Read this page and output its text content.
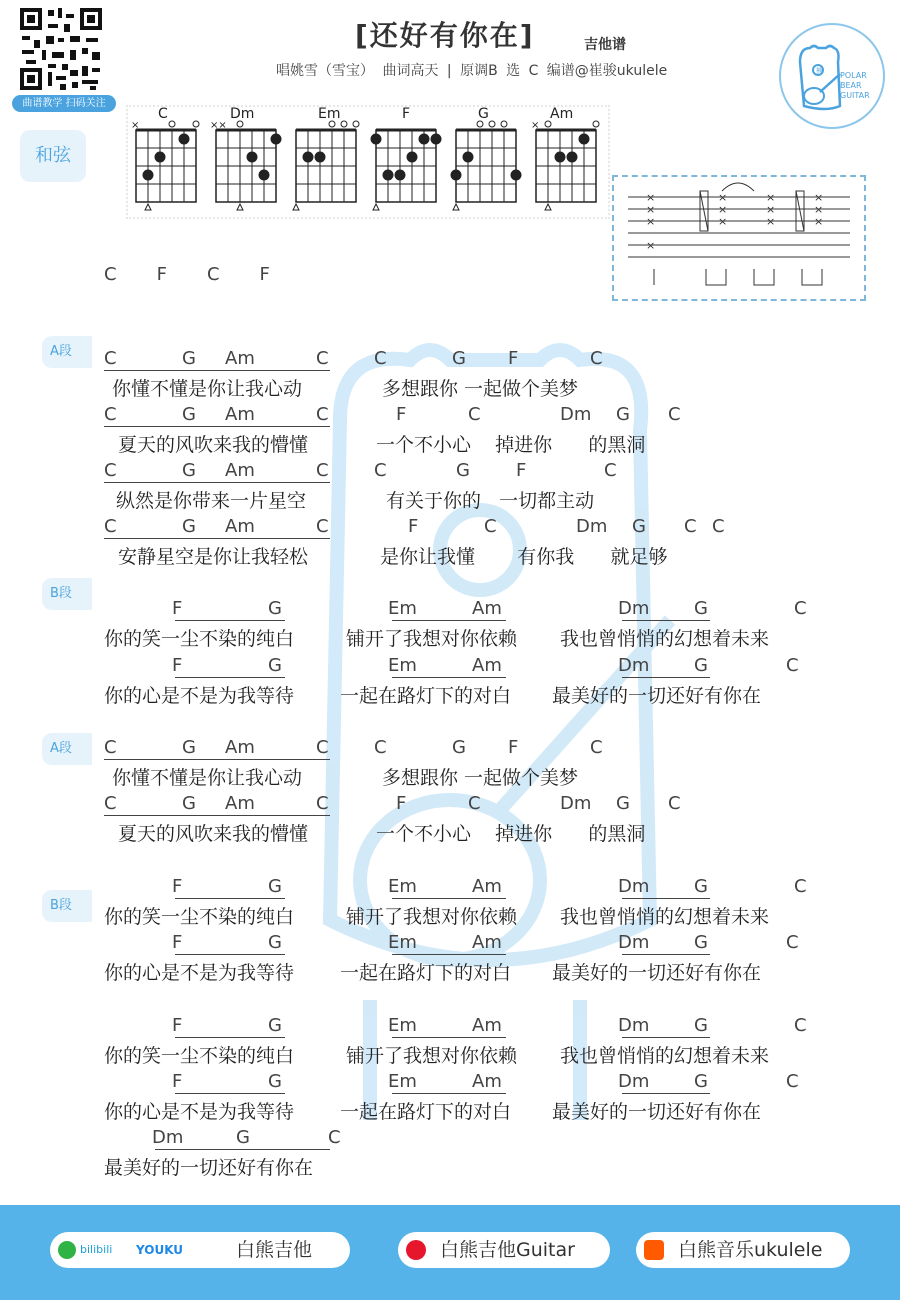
曲谱教学 扫码关注
[还好有你在]	吉他谱
唱姚雪（雪宝） 曲词高天 | 原调B 选 C 编谱@崔骏ukulele	熊 POLAR
BEAR
GUITAR
和弦
C
×
Dm
××
Em	F	G	Am
×
×
×
×
×
×
×
×
×
×
×
×
×
×
C F C F
A段
B段
A段
B段
C	G Am	C	C	G F	C
你懂不懂是你让我心动	多想跟你 一起做个美梦
C	G Am	C	F	C	Dm G C
夏天的风吹来我的懵懂	一个不小心    掉进你      的黑洞
C	G Am	C	C	G	F	C
纵然是你带来一片星空	有关于你的   一切都主动
C	G Am	C	F	C	Dm G C C
安静星空是你让我轻松	是你让我懂       有你我      就足够
F	G	Em	Am	Dm G	C
你的笑一尘不染的纯白	铺开了我想对你依赖 我也曾悄悄的幻想着未来
F	G	Em	Am	Dm G	C
你的心是不是为我等待 一起在路灯下的对白 最美好的一切还好有你在
C	G Am	C	C	G F	C
你懂不懂是你让我心动	多想跟你 一起做个美梦
C	G Am	C	F	C	Dm G C
夏天的风吹来我的懵懂	一个不小心    掉进你      的黑洞
F	G	Em	Am	Dm G	C
你的笑一尘不染的纯白	铺开了我想对你依赖 我也曾悄悄的幻想着未来
F	G	Em	Am	Dm G	C
你的心是不是为我等待 一起在路灯下的对白 最美好的一切还好有你在
F	G	Em	Am	Dm G	C
你的笑一尘不染的纯白	铺开了我想对你依赖 我也曾悄悄的幻想着未来
F	G	Em	Am	Dm G	C
你的心是不是为我等待 一起在路灯下的对白 最美好的一切还好有你在
Dm	G	C
最美好的一切还好有你在
bilibili YOUKU	白熊吉他	白熊吉他Guitar	白熊音乐ukulele
